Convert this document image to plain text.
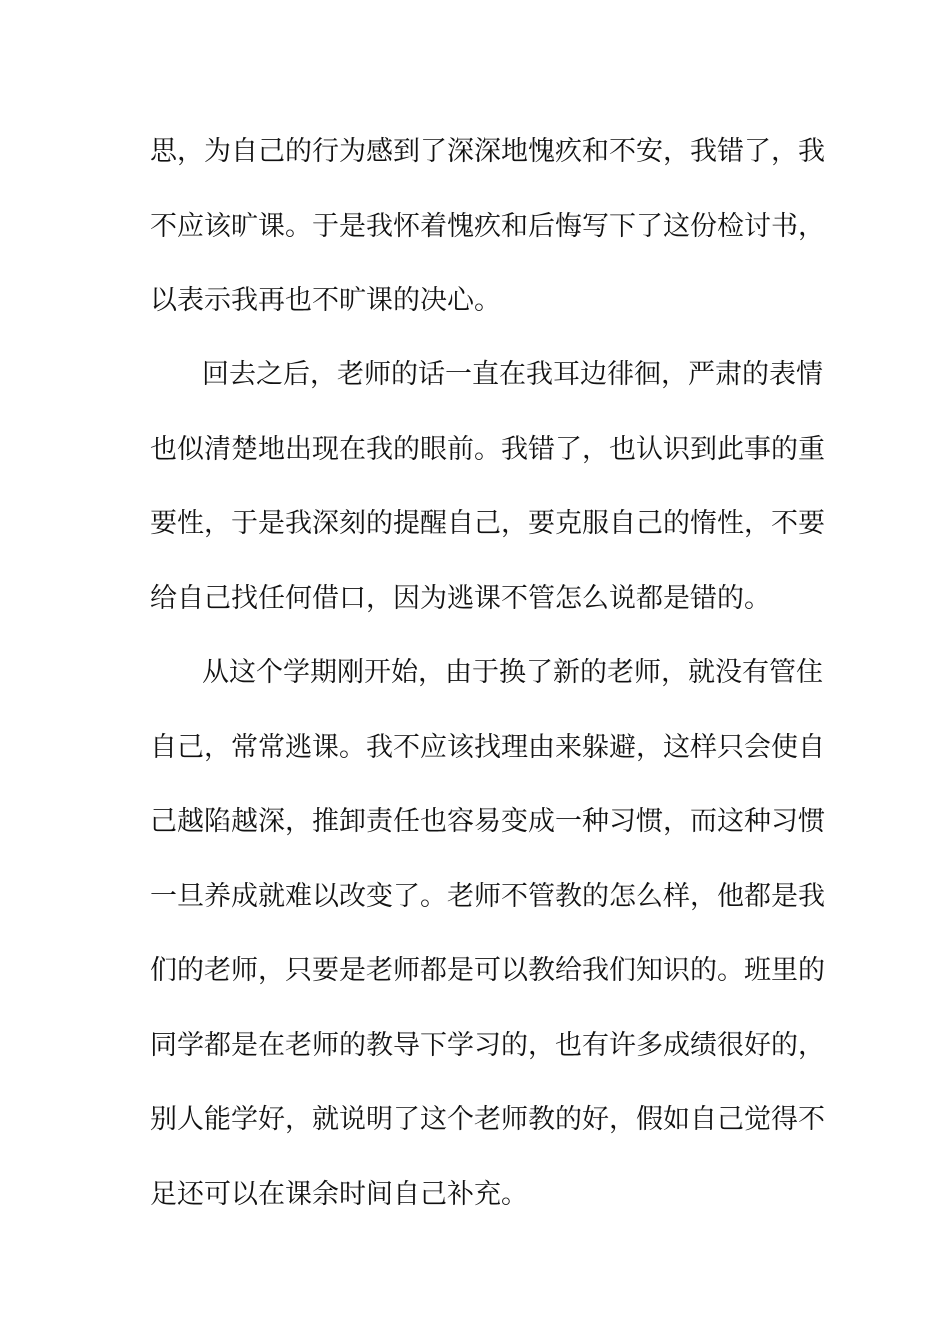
思，为自己的行为感到了深深地愧疚和不安，我错了，我
不应该旷课。于是我怀着愧疚和后悔写下了这份检讨书，
以表示我再也不旷课的决心。
回去之后，老师的话一直在我耳边徘徊，严肃的表情
也似清楚地出现在我的眼前。我错了，也认识到此事的重
要性，于是我深刻的提醒自己，要克服自己的惰性，不要
给自己找任何借口，因为逃课不管怎么说都是错的。
从这个学期刚开始，由于换了新的老师，就没有管住
自己，常常逃课。我不应该找理由来躲避，这样只会使自
己越陷越深，推卸责任也容易变成一种习惯，而这种习惯
一旦养成就难以改变了。老师不管教的怎么样，他都是我
们的老师，只要是老师都是可以教给我们知识的。班里的
同学都是在老师的教导下学习的，也有许多成绩很好的，
别人能学好，就说明了这个老师教的好，假如自己觉得不
足还可以在课余时间自己补充。
